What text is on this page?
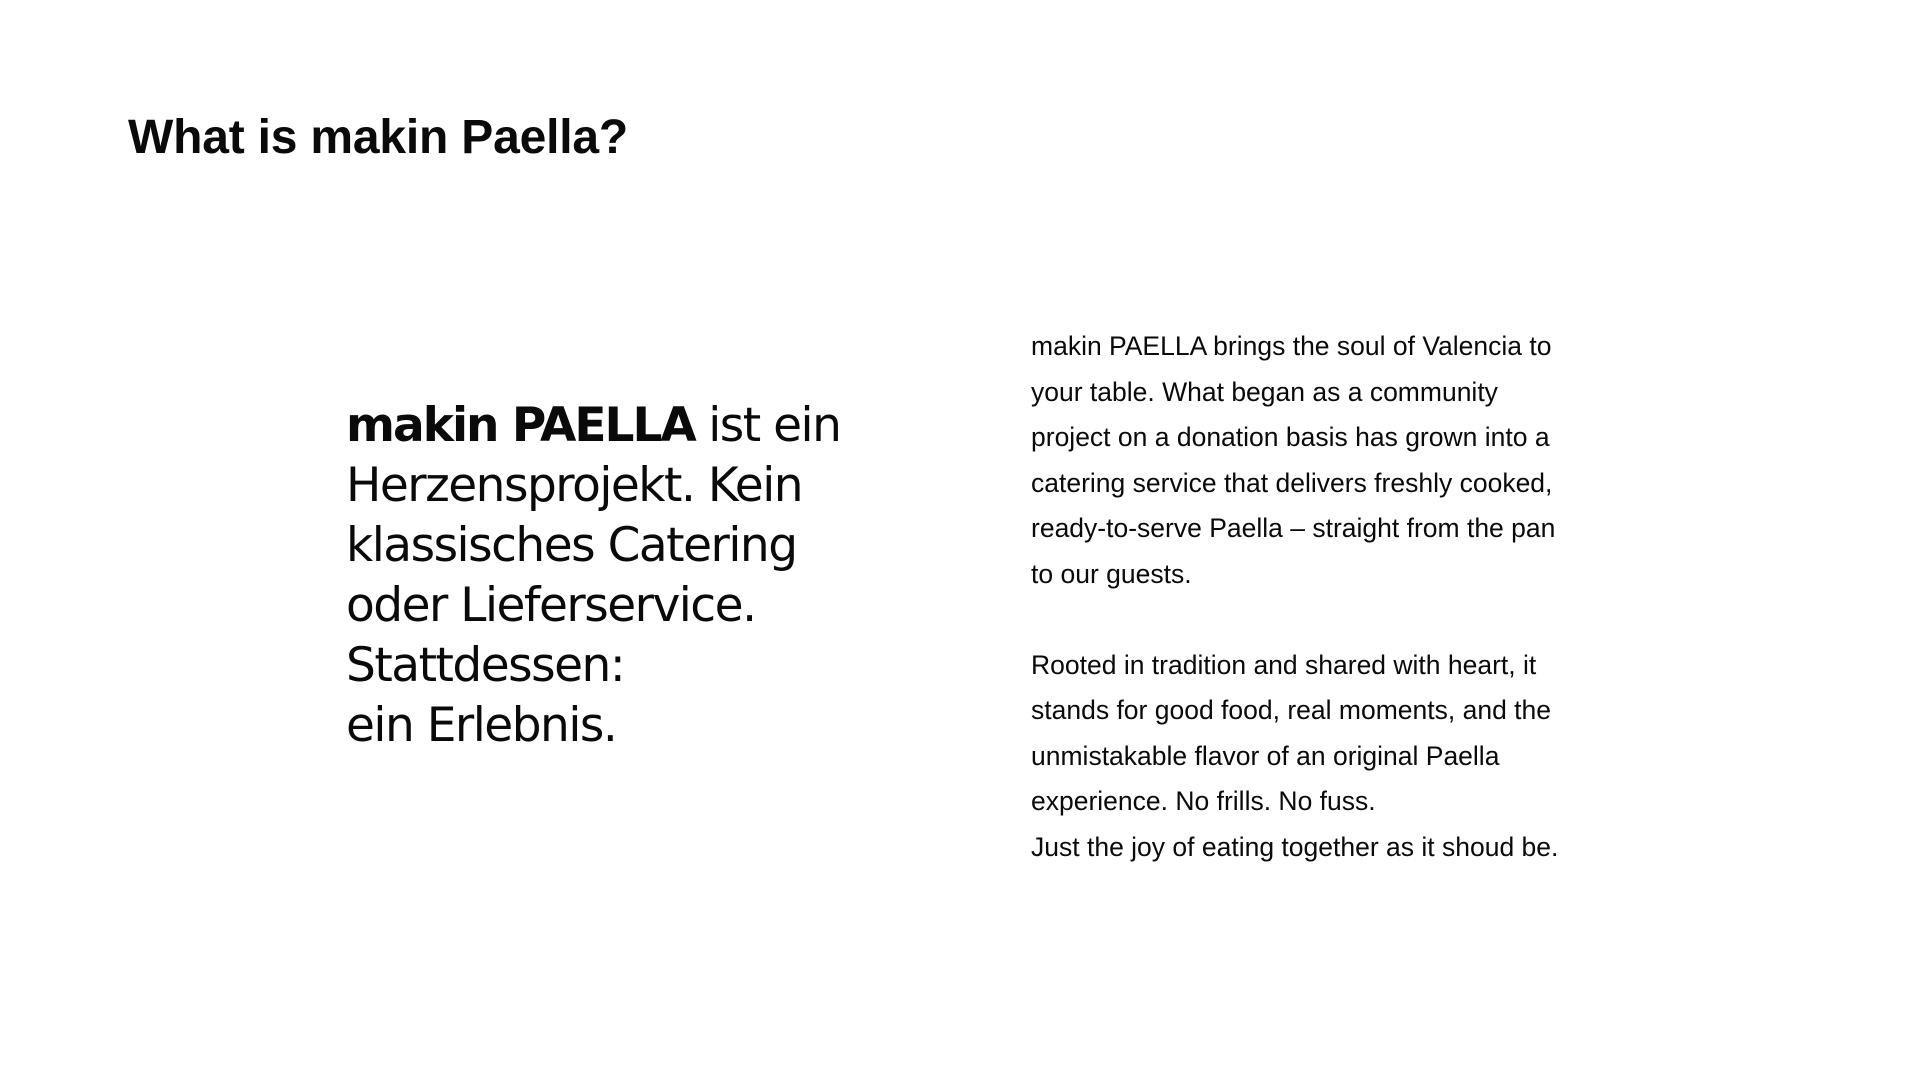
What is makin Paella?
makin PAELLA ist ein
Herzensprojekt. Kein
klassisches Catering
oder Lieferservice.
Stattdessen:
ein Erlebnis.

makin PAELLA brings the soul of Valencia to
your table. What began as a community
project on a donation basis has grown into a
catering service that delivers freshly cooked,
ready-to-serve Paella – straight from the pan
to our guests.

Rooted in tradition and shared with heart, it
stands for good food, real moments, and the
unmistakable flavor of an original Paella
experience. No frills. No fuss.
Just the joy of eating together as it shoud be.
